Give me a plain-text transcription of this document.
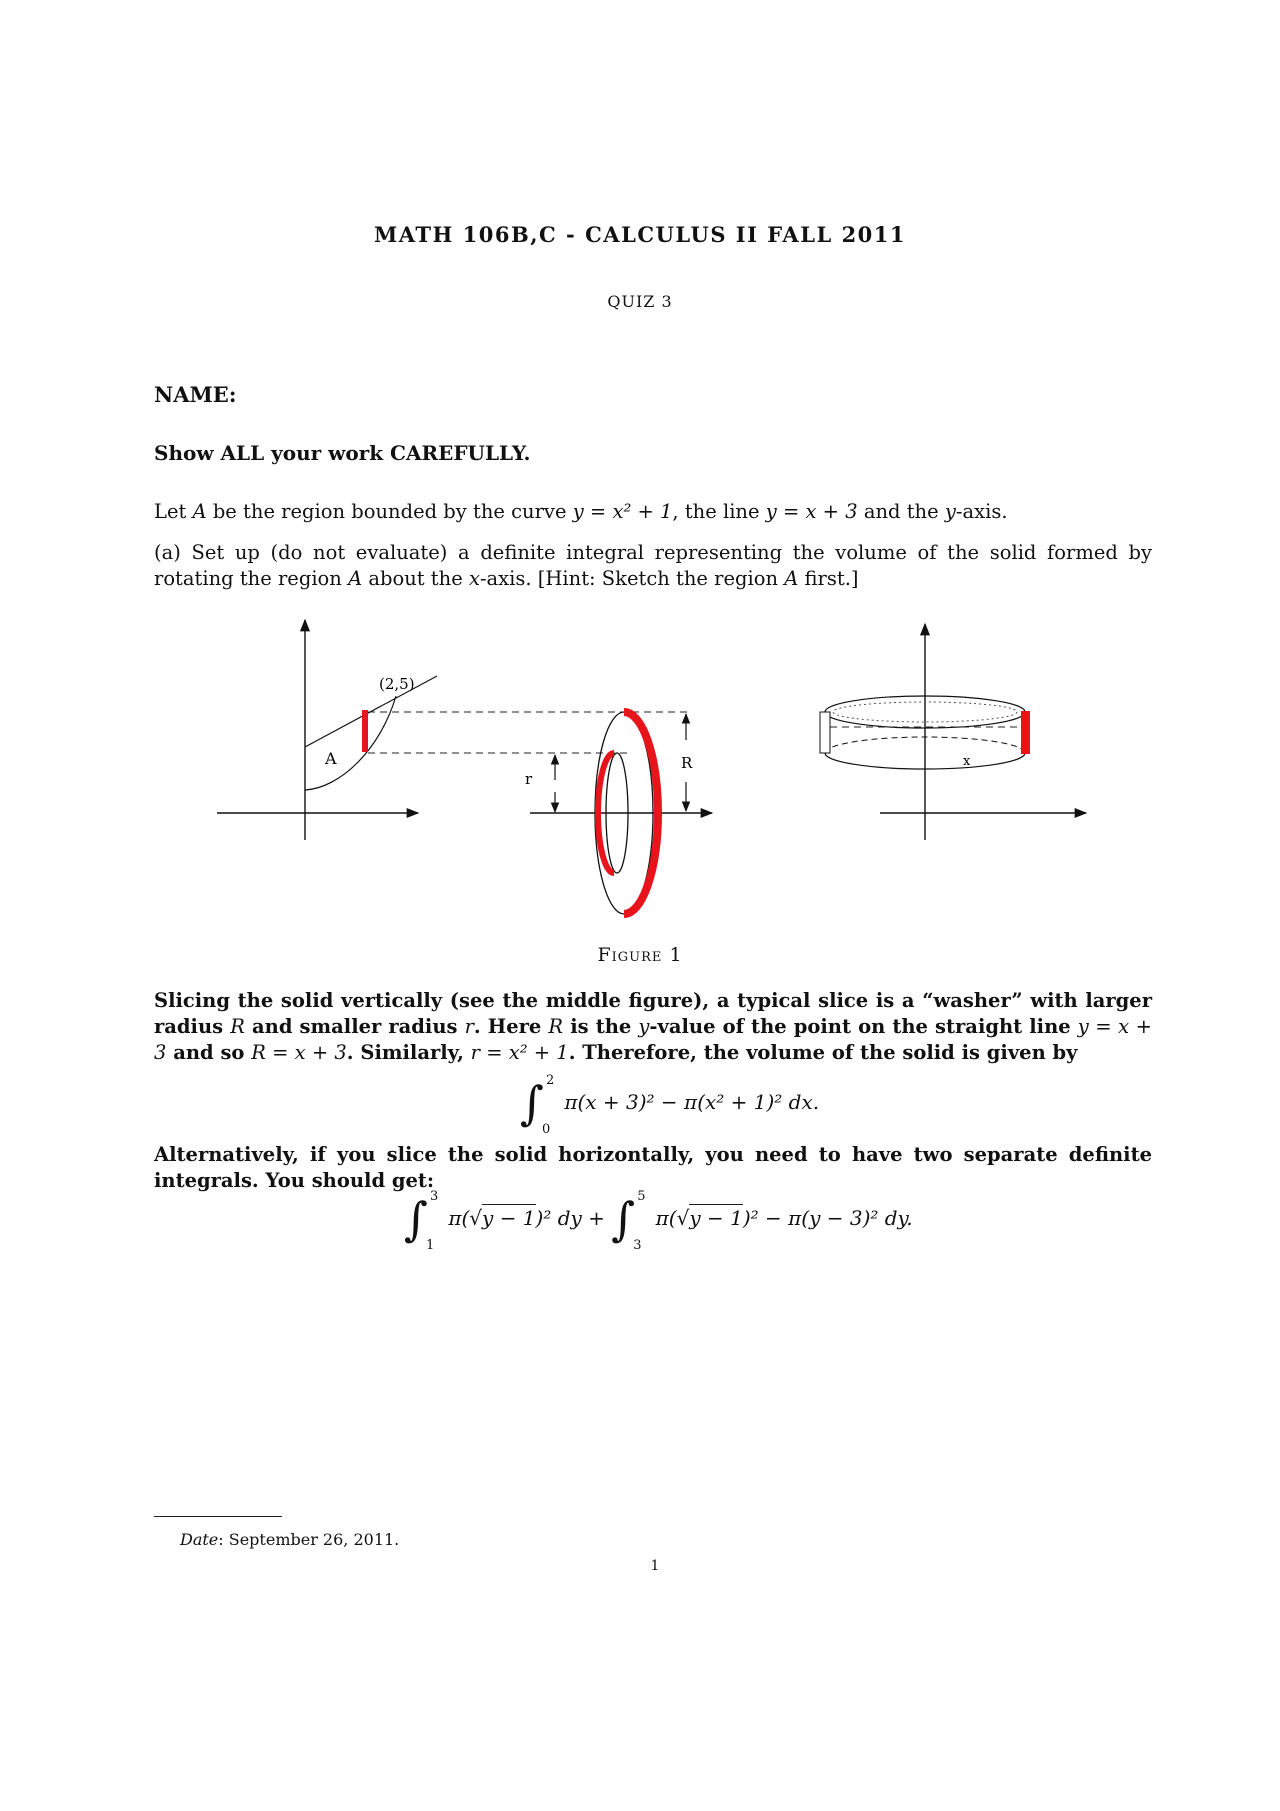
MATH 106B,C - CALCULUS II FALL 2011
QUIZ 3
NAME:
Show ALL your work CAREFULLY.
Let A be the region bounded by the curve y = x² + 1, the line y = x + 3 and the y-axis.
(a) Set up (do not evaluate) a definite integral representing the volume of the solid formed by rotating the region A about the x-axis. [Hint: Sketch the region A first.]
(2,5)
A
r
R	x
Figure 1
Slicing the solid vertically (see the middle figure), a typical slice is a “washer” with larger radius R and smaller radius r. Here R is the y-value of the point on the straight line y = x + 3 and so R = x + 3. Similarly, r = x² + 1. Therefore, the volume of the solid is given by
∫ 2
0
π(x + 3)² − π(x² + 1)² dx.
Alternatively, if you slice the solid horizontally, you need to have two separate definite integrals. You should get:
∫ 3
1
π(√y − 1)² dy + ∫ 5
3
π(√y − 1)² − π(y − 3)² dy.
Date: September 26, 2011.
1
